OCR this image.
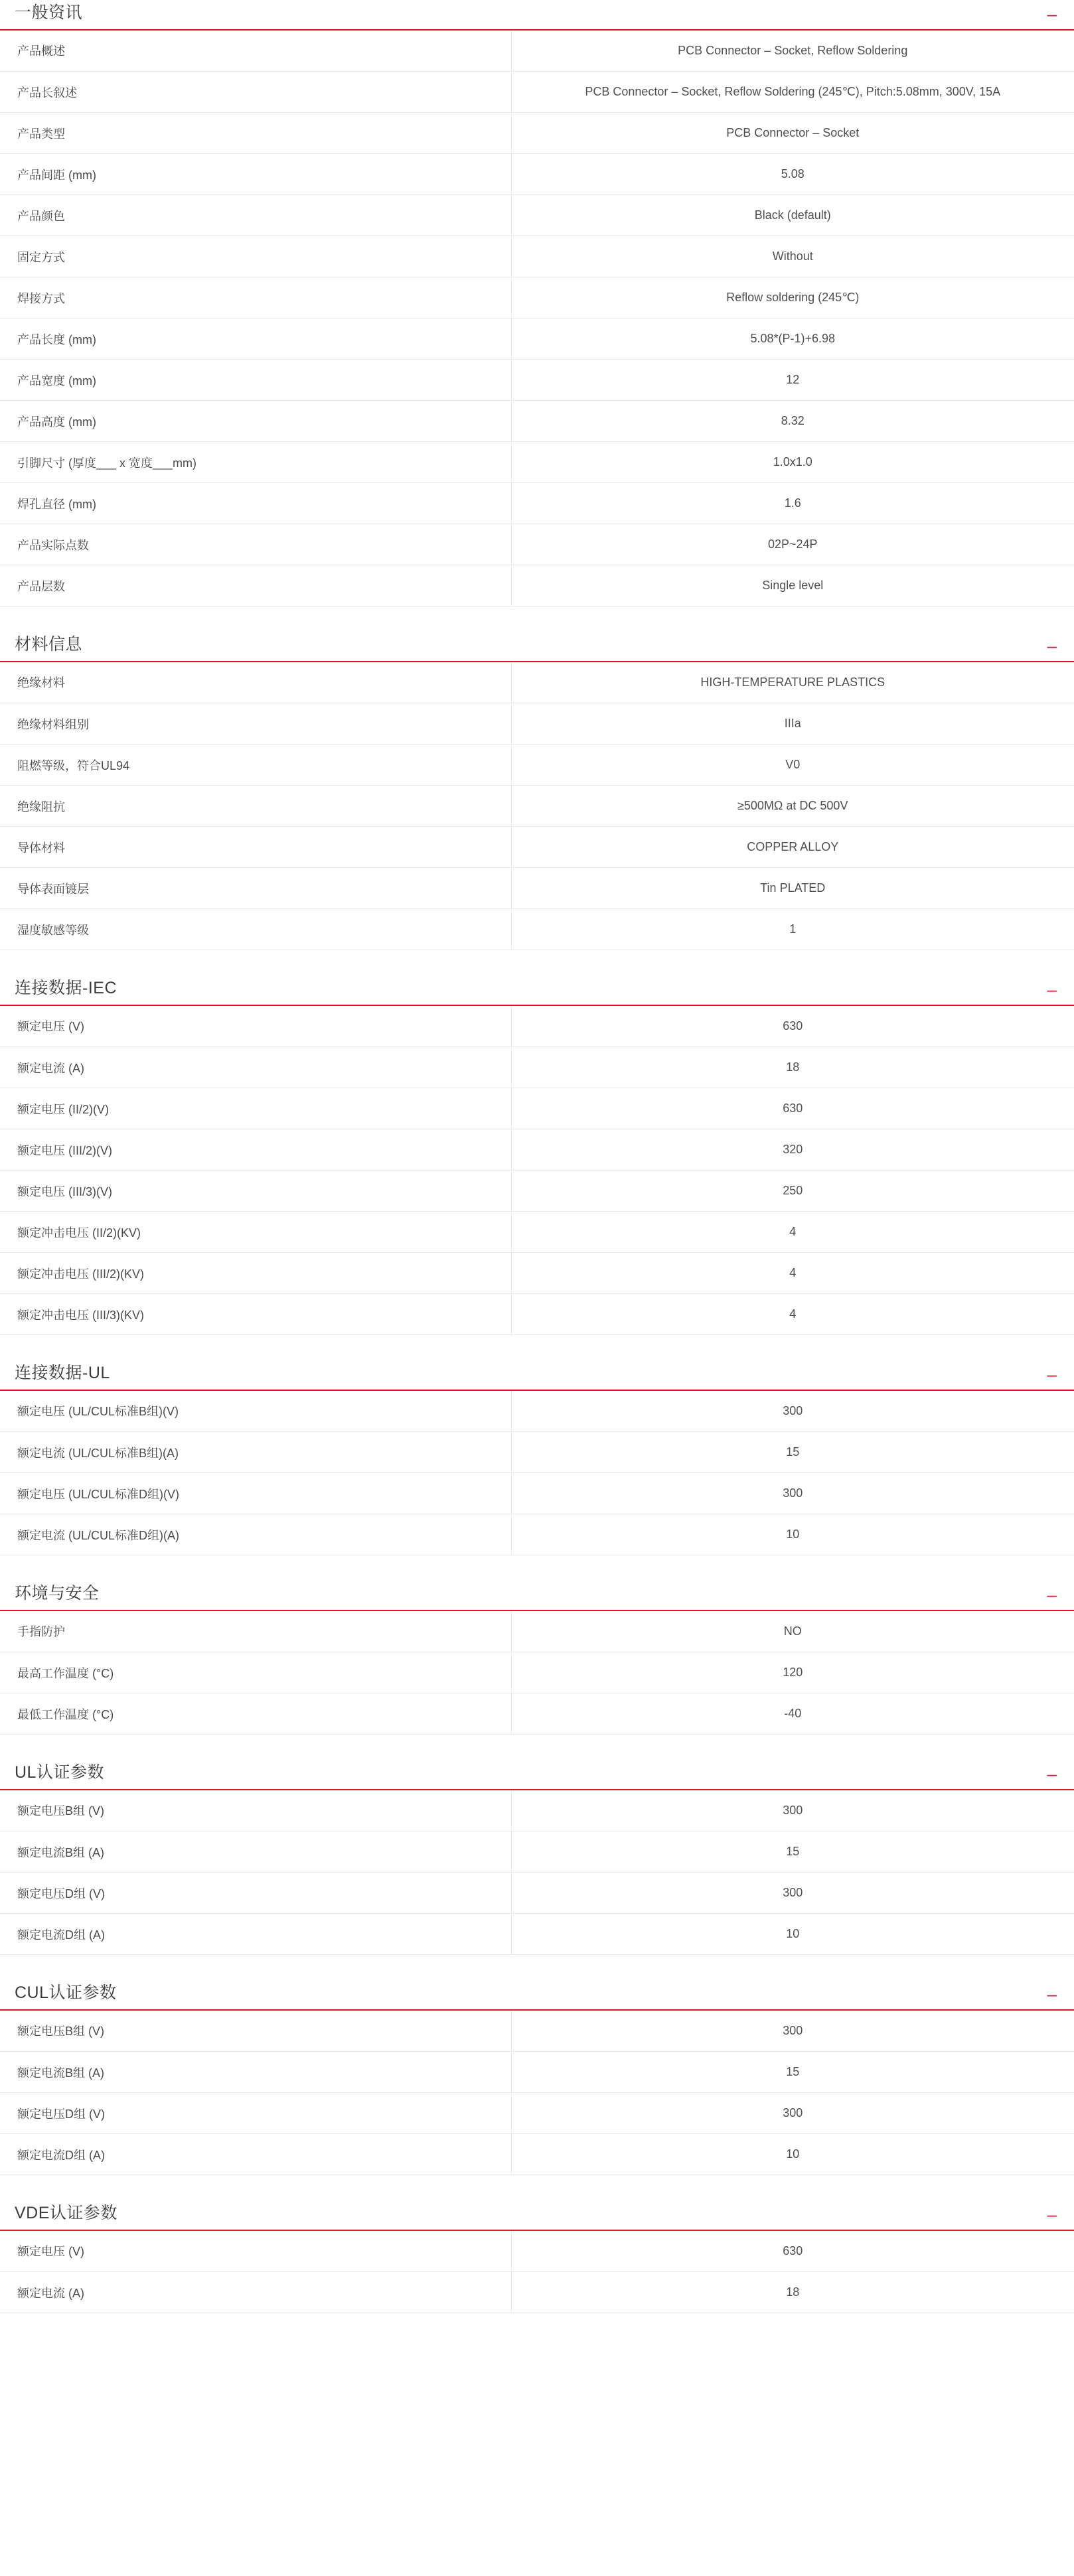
一般资讯	–
产品概述	PCB Connector – Socket, Reflow Soldering
产品长叙述	PCB Connector – Socket, Reflow Soldering (245℃), Pitch:5.08mm, 300V, 15A
产品类型	PCB Connector – Socket
产品间距 (mm)	5.08
产品颜色	Black (default)
固定方式	Without
焊接方式	Reflow soldering (245℃)
产品长度 (mm)	5.08*(P-1)+6.98
产品宽度 (mm)	12
产品高度 (mm)	8.32
引脚尺寸 (厚度___ x 宽度___mm)	1.0x1.0
焊孔直径 (mm)	1.6
产品实际点数	02P~24P
产品层数	Single level
材料信息	–
绝缘材料	HIGH-TEMPERATURE PLASTICS
绝缘材料组别	IIIa
阻燃等级，符合UL94	V0
绝缘阻抗	≥500MΩ at DC 500V
导体材料	COPPER ALLOY
导体表面镀层	Tin PLATED
湿度敏感等级	1
连接数据-IEC	–
额定电压 (V)	630
额定电流 (A)	18
额定电压 (II/2)(V)	630
额定电压 (III/2)(V)	320
额定电压 (III/3)(V)	250
额定冲击电压 (II/2)(KV)	4
额定冲击电压 (III/2)(KV)	4
额定冲击电压 (III/3)(KV)	4
连接数据-UL	–
额定电压 (UL/CUL标准B组)(V)	300
额定电流 (UL/CUL标准B组)(A)	15
额定电压 (UL/CUL标准D组)(V)	300
额定电流 (UL/CUL标准D组)(A)	10
环境与安全	–
手指防护	NO
最高工作温度 (°C)	120
最低工作温度 (°C)	-40
UL认证参数	–
额定电压B组 (V)	300
额定电流B组 (A)	15
额定电压D组 (V)	300
额定电流D组 (A)	10
CUL认证参数	–
额定电压B组 (V)	300
额定电流B组 (A)	15
额定电压D组 (V)	300
额定电流D组 (A)	10
VDE认证参数	–
额定电压 (V)	630
额定电流 (A)	18
